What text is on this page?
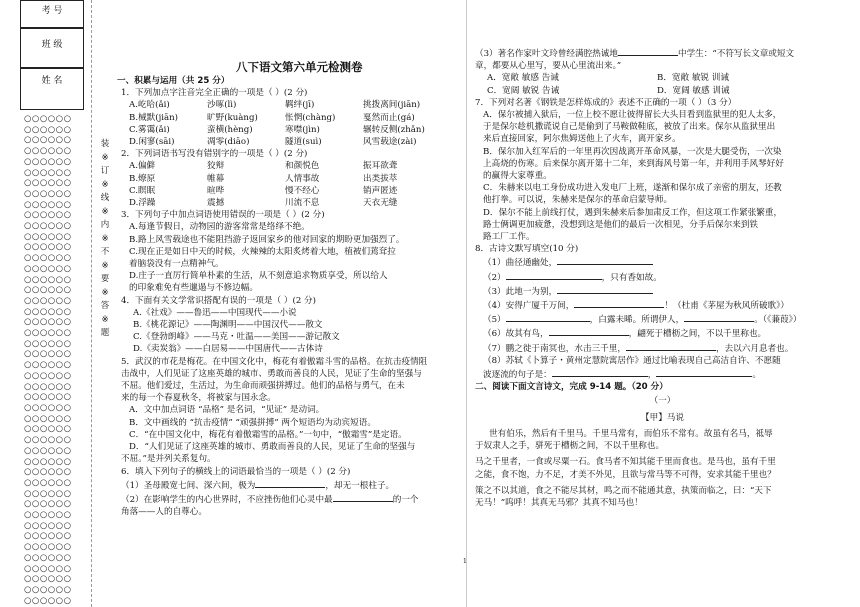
考 号
班 级
姓 名
○○○○○○
○○○○○○
○○○○○○
○○○○○○
○○○○○○
○○○○○○
○○○○○○
○○○○○○
○○○○○○
○○○○○○
○○○○○○
○○○○○○
○○○○○○
○○○○○○
○○○○○○
○○○○○○
○○○○○○
○○○○○○
○○○○○○
○○○○○○
○○○○○○
○○○○○○
○○○○○○
○○○○○○
○○○○○○
○○○○○○
○○○○○○
○○○○○○
○○○○○○
○○○○○○
○○○○○○
○○○○○○
○○○○○○
○○○○○○
○○○○○○
○○○○○○
○○○○○○
○○○○○○
○○○○○○
○○○○○○
○○○○○○
○○○○○○
○○○○○○
○○○○○○
○○○○○○
○○○○○○
装
※
订
※
线
※
内
※
不
※
要
※
答
※
题
八下语文第六单元检测卷

一、积累与运用（共 25 分）

1．下列加点字注音完全正确的一项是（ ）(2 分)

A.屹哈(ǎi)	沙啄(lì)	羁绊(jī)	挑拨离间(jiān)
B.械默(jiān)	旷野(kuàng)	怅惘(chàng)	戛然而止(gá)
C.雾霭(ǎi)	蛮横(hèng)	寒噤(jìn)	辗转反侧(zhǎn)
D.闲寥(sāi)	凋零(diāo)	隧道(suì)	风雪载途(zài)

2．下列词语书写没有错别字的一项是（ ）(2 分)

A.偏僻	狡辩	和颜悦色	振耳欲聋
B.燎原	帷幕	人情事故	出类拔萃
C.瞑眠	暄哗	慢不经心	销声匿迹
D.浮躁	震撼	川流不息	天衣无缝

3．下列句子中加点词语使用错误的一项是（ ）(2 分)

A.每逢节假日，动物园的游客常常是络绎不绝。

B.路上风雪载途也不能阻挡游子返回家乡的他对回家的期盼更加强烈了。

C.现在正是如日中天的时候，火辣辣的太阳炙烤着大地，植被们蔫耷拉

着脑袋没有一点精神气。

D.庄子一直厉行简单朴素的生活，从不刻意追求物质享受，所以给人

的印象难免有些邋遢与不修边幅。

4．下面有关文学常识搭配有误的一项是（ ）(2 分)

A.《社戏》——鲁迅——中国现代——小说

B.《桃花源记》——陶渊明——中国汉代——散文

C.《登勃朗峰》——马克・吐温——美国——游记散文

D.《卖炭翁》——白居易——中国唐代——古体诗

5．武汉的市花是梅花。在中国文化中，梅花有着傲霜斗雪的品格。在抗击疫情阻

击战中，人们见证了这座英雄的城市、勇敢而善良的人民，见证了生命的坚强与

不屈。他们爱过，生活过，为生命而顽强拼搏过。他们的品格与勇气，在未

来的每一个春夏秋冬，将被家与国永念。

A．文中加点词语 “品格” 是名词，“见证” 是动词。

B．文中画线的 “抗击疫情” “顽强拼搏” 两个短语均为动宾短语。

C．“在中国文化中，梅花有着傲霜雪的品格。”一句中，“傲霜雪”是定语。

D．“人们见证了这座英雄的城市、勇敢而善良的人民，见证了生命的坚强与

不屈。”是并列关系复句。

6．填入下列句子的横线上的词语最恰当的一项是（ ）(2 分)

（1）圣母殿宽七间、深六间，极为	，却无一根柱子。

（2）在影响学生的内心世界时，不应挫伤他们心灵中最	的一个

角落——人的自尊心。

1

（3）著名作家叶文玲曾经满腔热诚地	中学生：“不符写长文章或短文

章，都要从心里写，要从心里流出来。”

A．宽敞 敏感 告诫	B．宽敞 敏锐 训诫
C．宽阔 敏锐 告诫	D．宽阔 敏感 训诫

7．下列对名著《钢铁是怎样炼成的》表述不正确的一项（ ）（3 分）

A．保尔被捕入狱后，一位上校不愿让彼得留长大头目看到监狱里的犯人太多，

于是保尔趁机撒谎说自己是偷到了马鞍做鞋底，被放了出来。保尔从监狱里出

来后直接回家，阿尔焦姆送他上了火车，离开家乡。

B．保尔加入红军后的一年里再次因战离开革命风暴，一次是大腿受伤，一次染

上高烧的伤寒。后来保尔离开第十二年，来到海风号第一年，并利用手风琴好好

的赢得大家尊重。

C．朱赫来以电工身份成功进入发电厂上班，遂渐和保尔成了亲密的朋友，还教

他打拳。可以说，朱赫来是保尔的革命启蒙导师。

D．保尔不能上前线打仗，遇到朱赫来后参加肃反工作，但这项工作紧张繁重，

路士俩调更加疲惫，没想到这是他们的最后一次相见，分手后保尔来到铁

路工厂工作。

8．古诗文默写填空(10 分)

（1）曲径通幽处，

（2）	，只有香如故。

（3）此地一为别，

（4）安得广厦千万间，	！（杜甫《茅屋为秋风所破歌》）

（5）	，白露未晞。所谓伊人，	。（《蒹葭》）

（6）故其有鸟，	，翩死于槽枥之间，不以千里称也。

（7）鹏之徙于南冥也，水击三千里，	，去以六月息者也。

（8）苏轼《卜算子・黄州定慧院寓居作》通过比喻表现自己高洁自许、不愿随

波逐流的句子是：	，	。

二、阅读下面文言诗文，完成 9-14 题。（20 分）

（一）

【甲】马说

世有伯乐，然后有千里马。千里马常有，而伯乐不常有。故虽有名马，祗辱

于奴隶人之手，骈死于槽枥之间，不以千里称也。

马之千里者，一食或尽粟一石。食马者不知其能千里而食也。是马也，虽有千里

之能，食不饱，力不足，才美不外见，且欲与常马等不可得，安求其能千里也？

策之不以其道，食之不能尽其材，鸣之而不能通其意，执策而临之，曰：“天下

无马！”呜呼！其真无马邪？其真不知马也！
